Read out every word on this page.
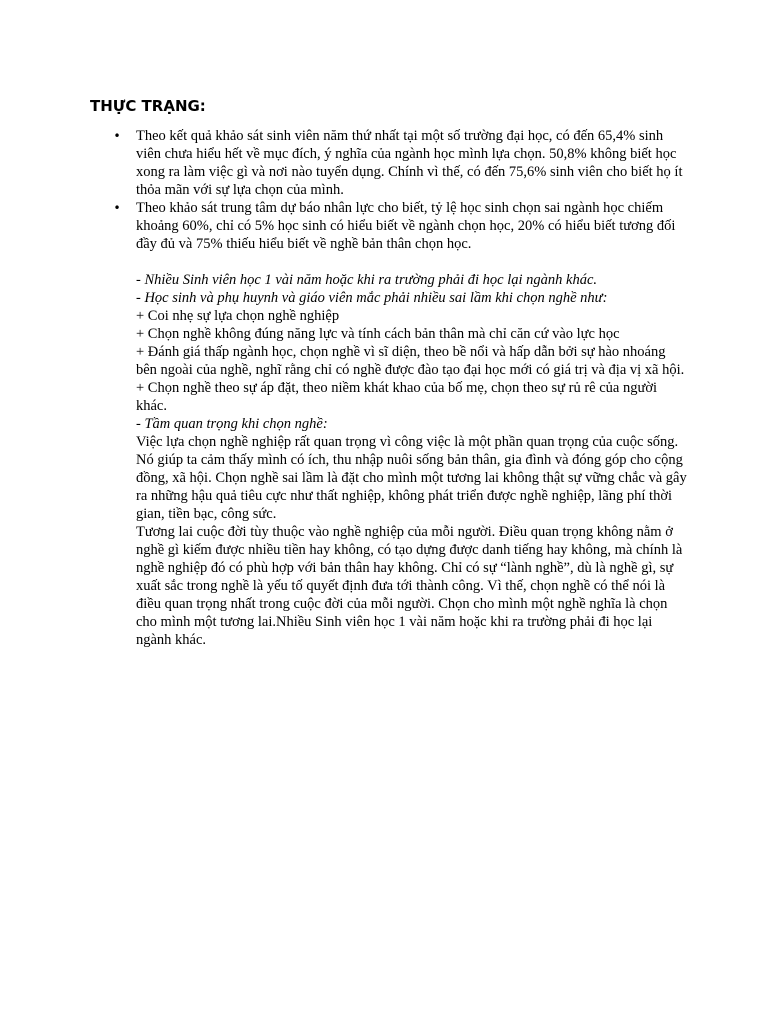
THỰC TRẠNG:
• Theo kết quả khảo sát sinh viên năm thứ nhất tại một số trường đại học, có đến 65,4% sinh viên chưa hiểu hết về mục đích, ý nghĩa của ngành học mình lựa chọn. 50,8% không biết học xong ra làm việc gì và nơi nào tuyển dụng. Chính vì thế, có đến 75,6% sinh viên cho biết họ ít thỏa mãn với sự lựa chọn của mình.
• Theo khảo sát trung tâm dự báo nhân lực cho biết, tỷ lệ học sinh chọn sai ngành học chiếm khoảng 60%, chỉ có 5% học sinh có hiểu biết về ngành chọn học, 20% có hiểu biết tương đối đầy đủ và 75% thiếu hiểu biết về nghề bản thân chọn học.

- Nhiều Sinh viên học 1 vài năm hoặc khi ra trường phải đi học lại ngành khác.

- Học sinh và phụ huynh và giáo viên mắc phải nhiều sai lầm khi chọn nghề như:

+ Coi nhẹ sự lựa chọn nghề nghiệp

+ Chọn nghề không đúng năng lực và tính cách bản thân mà chỉ căn cứ vào lực học

+ Đánh giá thấp ngành học, chọn nghề vì sĩ diện, theo bề nổi và hấp dẫn bởi sự hào nhoáng bên ngoài của nghề, nghĩ rằng chỉ có nghề được đào tạo đại học mới có giá trị và địa vị xã hội.

+ Chọn nghề theo sự áp đặt, theo niềm khát khao của bố mẹ, chọn theo sự rủ rê của người khác.

- Tầm quan trọng khi chọn nghề:

Việc lựa chọn nghề nghiệp rất quan trọng vì công việc là một phần quan trọng của cuộc sống. Nó giúp ta cảm thấy mình có ích, thu nhập nuôi sống bản thân, gia đình và đóng góp cho cộng đồng, xã hội. Chọn nghề sai lầm là đặt cho mình một tương lai không thật sự vững chắc và gây ra những hậu quả tiêu cực như thất nghiệp, không phát triển được nghề nghiệp, lãng phí thời gian, tiền bạc, công sức.

Tương lai cuộc đời tùy thuộc vào nghề nghiệp của mỗi người. Điều quan trọng không nằm ở nghề gì kiếm được nhiều tiền hay không, có tạo dựng được danh tiếng hay không, mà chính là nghề nghiệp đó có phù hợp với bản thân hay không. Chỉ có sự “lành nghề”, dù là nghề gì, sự xuất sắc trong nghề là yếu tố quyết định đưa tới thành công. Vì thế, chọn nghề có thể nói là điều quan trọng nhất trong cuộc đời của mỗi người. Chọn cho mình một nghề nghĩa là chọn cho mình một tương lai.Nhiều Sinh viên học 1 vài năm hoặc khi ra trường phải đi học lại ngành khác.
